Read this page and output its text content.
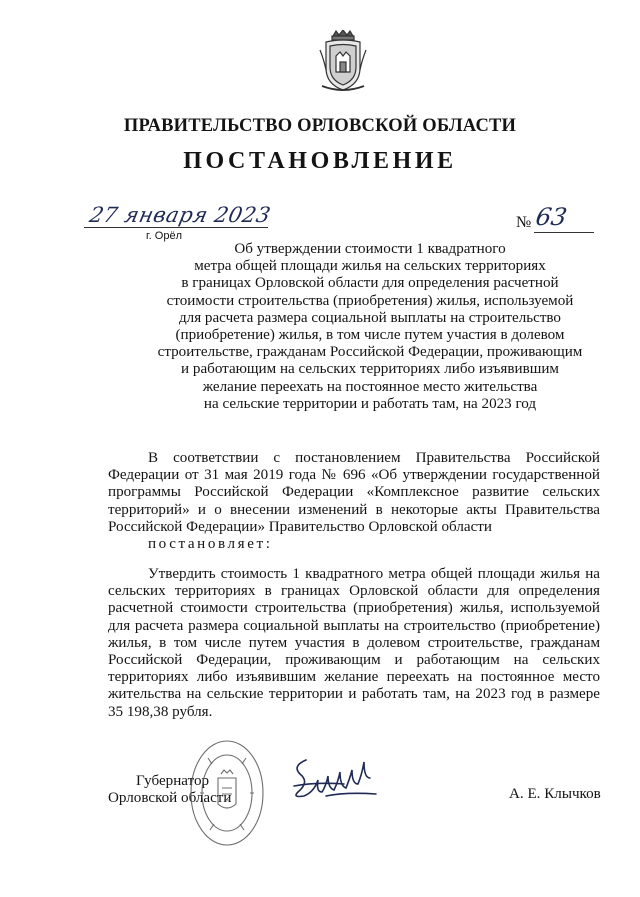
ПРАВИТЕЛЬСТВО ОРЛОВСКОЙ ОБЛАСТИ
ПОСТАНОВЛЕНИЕ
27 января 2023
г. Орёл
№ 63
Об утверждении стоимости 1 квадратного
метра общей площади жилья на сельских территориях
в границах Орловской области для определения расчетной
стоимости строительства (приобретения) жилья, используемой
для расчета размера социальной выплаты на строительство
(приобретение) жилья, в том числе путем участия в долевом
строительстве, гражданам Российской Федерации, проживающим
и работающим на сельских территориях либо изъявившим
желание переехать на постоянное место жительства
на сельские территории и работать там, на 2023 год
В соответствии с постановлением Правительства Российской Федерации от 31 мая 2019 года № 696 «Об утверждении государственной программы Российской Федерации «Комплексное развитие сельских территорий» и о внесении изменений в некоторые акты Правительства Российской Федерации» Правительство Орловской области
постановляет:
Утвердить стоимость 1 квадратного метра общей площади жилья на сельских территориях в границах Орловской области для определения расчетной стоимости строительства (приобретения) жилья, используемой для расчета размера социальной выплаты на строительство (приобретение) жилья, в том числе путем участия в долевом строительстве, гражданам Российской Федерации, проживающим и работающим на сельских территориях либо изъявившим желание переехать на постоянное место жительства на сельские территории и работать там, на 2023 год в размере 35 198,38 рубля.
Губернатор
Орловской области	А. Е. Клычков
